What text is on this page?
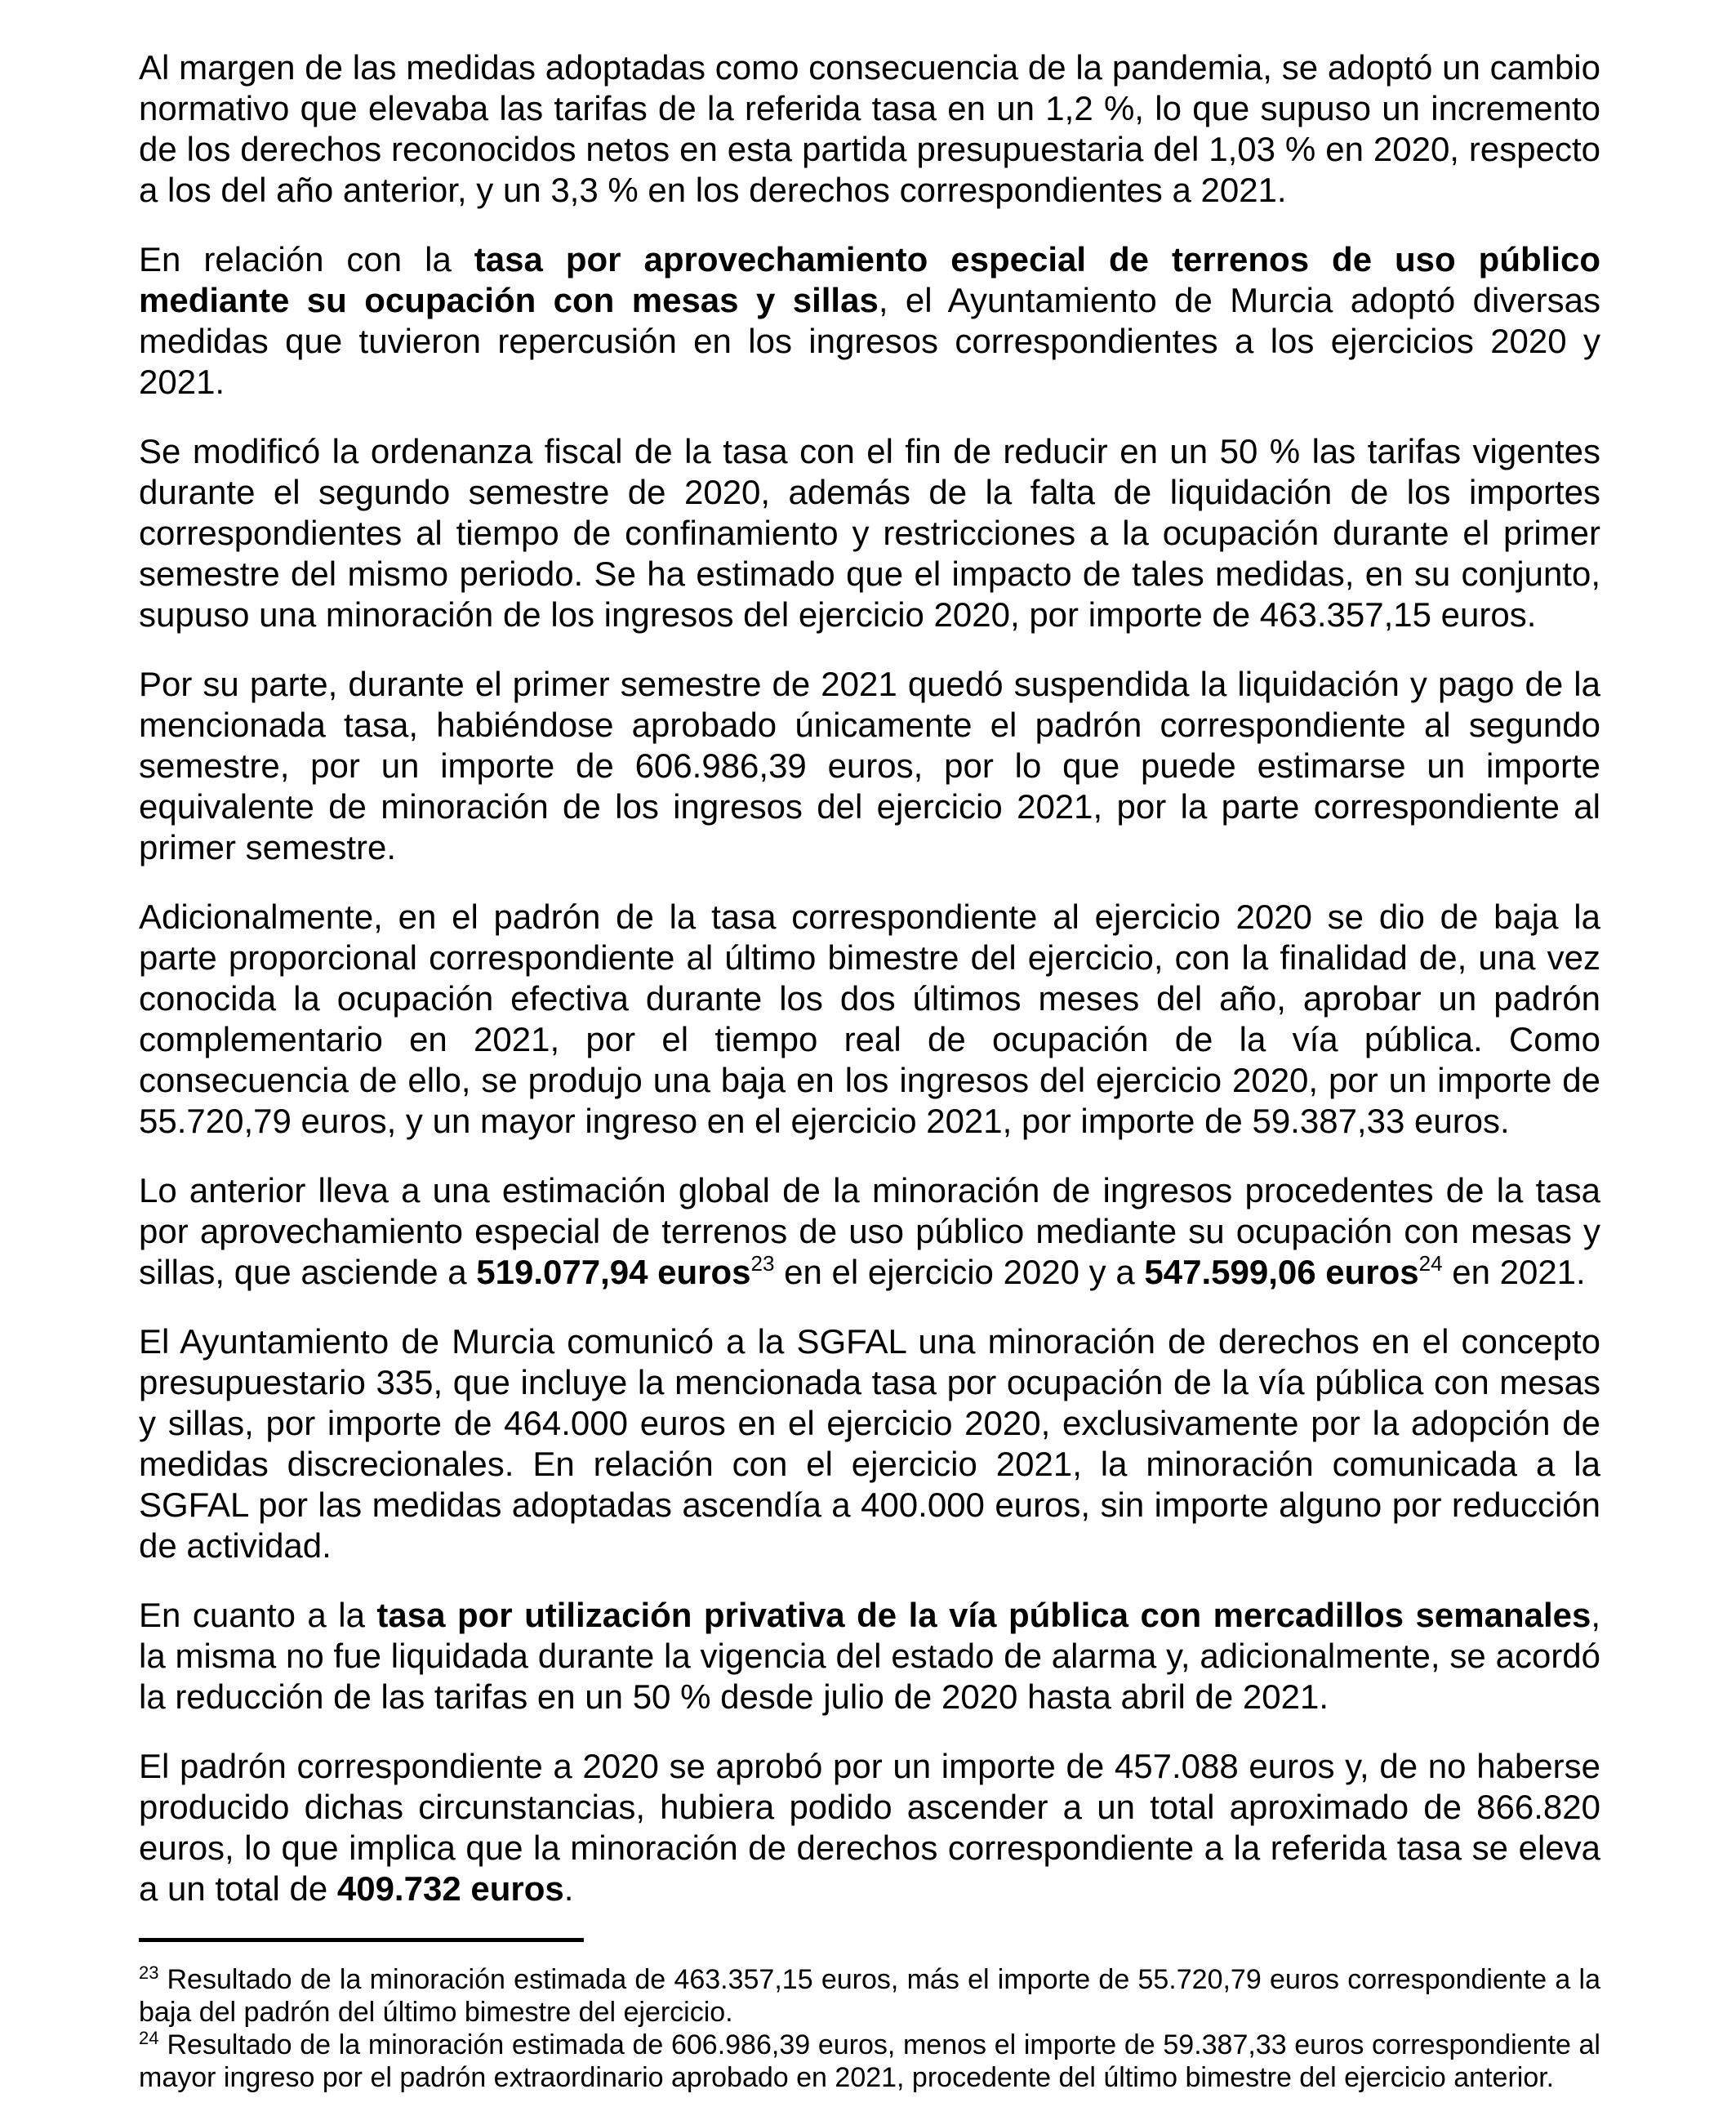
Al margen de las medidas adoptadas como consecuencia de la pandemia, se adoptó un cambio normativo que elevaba las tarifas de la referida tasa en un 1,2 %, lo que supuso un incremento de los derechos reconocidos netos en esta partida presupuestaria del 1,03 % en 2020, respecto a los del año anterior, y un 3,3 % en los derechos correspondientes a 2021.

En relación con la tasa por aprovechamiento especial de terrenos de uso público mediante su ocupación con mesas y sillas, el Ayuntamiento de Murcia adoptó diversas medidas que tuvieron repercusión en los ingresos correspondientes a los ejercicios 2020 y 2021.

Se modificó la ordenanza fiscal de la tasa con el fin de reducir en un 50 % las tarifas vigentes durante el segundo semestre de 2020, además de la falta de liquidación de los importes correspondientes al tiempo de confinamiento y restricciones a la ocupación durante el primer semestre del mismo periodo. Se ha estimado que el impacto de tales medidas, en su conjunto, supuso una minoración de los ingresos del ejercicio 2020, por importe de 463.357,15 euros.

Por su parte, durante el primer semestre de 2021 quedó suspendida la liquidación y pago de la mencionada tasa, habiéndose aprobado únicamente el padrón correspondiente al segundo semestre, por un importe de 606.986,39 euros, por lo que puede estimarse un importe equivalente de minoración de los ingresos del ejercicio 2021, por la parte correspondiente al primer semestre.

Adicionalmente, en el padrón de la tasa correspondiente al ejercicio 2020 se dio de baja la parte proporcional correspondiente al último bimestre del ejercicio, con la finalidad de, una vez conocida la ocupación efectiva durante los dos últimos meses del año, aprobar un padrón complementario en 2021, por el tiempo real de ocupación de la vía pública. Como consecuencia de ello, se produjo una baja en los ingresos del ejercicio 2020, por un importe de 55.720,79 euros, y un mayor ingreso en el ejercicio 2021, por importe de 59.387,33 euros.

Lo anterior lleva a una estimación global de la minoración de ingresos procedentes de la tasa por aprovechamiento especial de terrenos de uso público mediante su ocupación con mesas y sillas, que asciende a 519.077,94 euros$^{23}$ en el ejercicio 2020 y a 547.599,06 euros$^{24}$ en 2021.

El Ayuntamiento de Murcia comunicó a la SGFAL una minoración de derechos en el concepto presupuestario 335, que incluye la mencionada tasa por ocupación de la vía pública con mesas y sillas, por importe de 464.000 euros en el ejercicio 2020, exclusivamente por la adopción de medidas discrecionales. En relación con el ejercicio 2021, la minoración comunicada a la SGFAL por las medidas adoptadas ascendía a 400.000 euros, sin importe alguno por reducción de actividad.

En cuanto a la tasa por utilización privativa de la vía pública con mercadillos semanales, la misma no fue liquidada durante la vigencia del estado de alarma y, adicionalmente, se acordó la reducción de las tarifas en un 50 % desde julio de 2020 hasta abril de 2021.

El padrón correspondiente a 2020 se aprobó por un importe de 457.088 euros y, de no haberse producido dichas circunstancias, hubiera podido ascender a un total aproximado de 866.820 euros, lo que implica que la minoración de derechos correspondiente a la referida tasa se eleva a un total de 409.732 euros.

$^{23}$ Resultado de la minoración estimada de 463.357,15 euros, más el importe de 55.720,79 euros correspondiente a la baja del padrón del último bimestre del ejercicio.

$^{24}$ Resultado de la minoración estimada de 606.986,39 euros, menos el importe de 59.387,33 euros correspondiente al mayor ingreso por el padrón extraordinario aprobado en 2021, procedente del último bimestre del ejercicio anterior.
